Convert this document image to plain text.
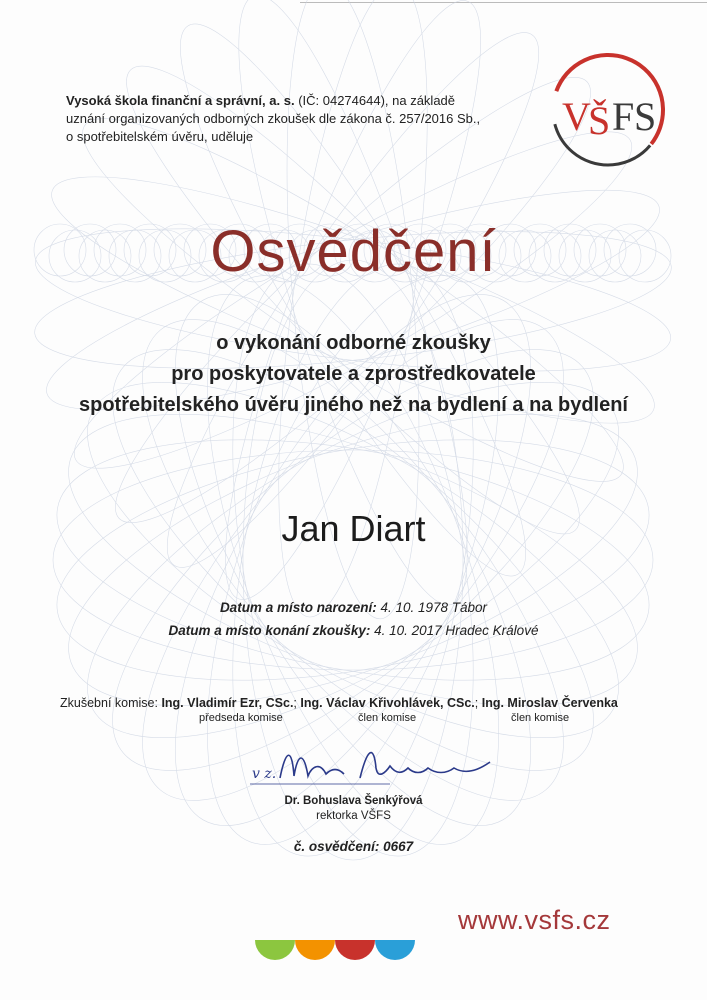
Vysoká škola finanční a správní, a. s. (IČ: 04274644), na základě
uznání organizovaných odborných zkoušek dle zákona č. 257/2016 Sb.,
o spotřebitelském úvěru, uděluje	V
Š F S
Osvědčení
o vykonání odborné zkoušky
pro poskytovatele a zprostředkovatele
spotřebitelského úvěru jiného než na bydlení a na bydlení
Jan Diart
Datum a místo narození: 4. 10. 1978 Tábor
Datum a místo konání zkoušky: 4. 10. 2017 Hradec Králové
Zkušební komise: Ing. Vladimír Ezr, CSc.; Ing. Václav Křivohlávek, CSc.; Ing. Miroslav Červenka
předseda komise	člen komise	člen komise
v z.
Dr. Bohuslava Šenkýřová
rektorka VŠFS
č. osvědčení: 0667
www.vsfs.cz
